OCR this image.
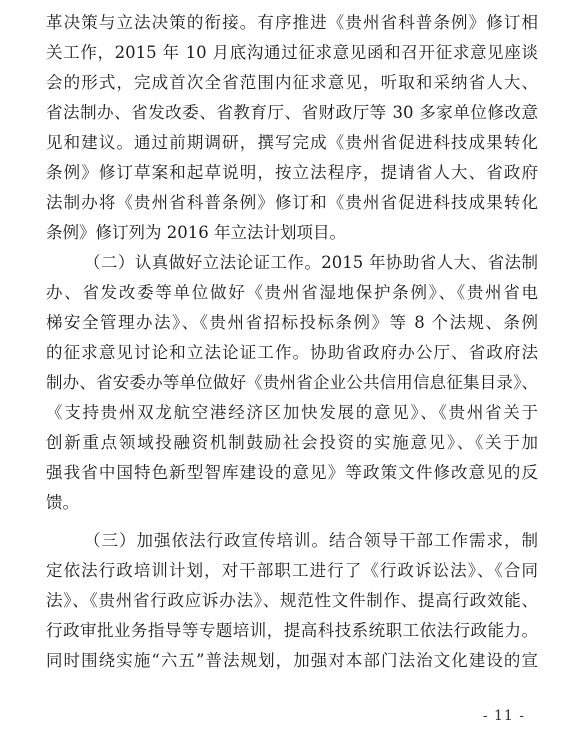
革决策与立法决策的衔接。有序推进《贵州省科普条例》修订相
关工作，2015 年 10 月底沟通过征求意见函和召开征求意见座谈
会的形式，完成首次全省范围内征求意见，听取和采纳省人大、
省法制办、省发改委、省教育厅、省财政厅等 30 多家单位修改意
见和建议。通过前期调研，撰写完成《贵州省促进科技成果转化
条例》修订草案和起草说明，按立法程序，提请省人大、省政府
法制办将《贵州省科普条例》修订和《贵州省促进科技成果转化
条例》修订列为 2016 年立法计划项目。
（二）认真做好立法论证工作。2015 年协助省人大、省法制
办、省发改委等单位做好《贵州省湿地保护条例》、《贵州省电
梯安全管理办法》、《贵州省招标投标条例》等 8 个法规、条例
的征求意见讨论和立法论证工作。协助省政府办公厅、省政府法
制办、省安委办等单位做好《贵州省企业公共信用信息征集目录》、
《支持贵州双龙航空港经济区加快发展的意见》、《贵州省关于
创新重点领域投融资机制鼓励社会投资的实施意见》、《关于加
强我省中国特色新型智库建设的意见》等政策文件修改意见的反
馈。
（三）加强依法行政宣传培训。结合领导干部工作需求，制
定依法行政培训计划，对干部职工进行了《行政诉讼法》、《合同
法》、《贵州省行政应诉办法》、规范性文件制作、提高行政效能、
行政审批业务指导等专题培训，提高科技系统职工依法行政能力。
同时围绕实施“六五”普法规划，加强对本部门法治文化建设的宣
- 11 -
